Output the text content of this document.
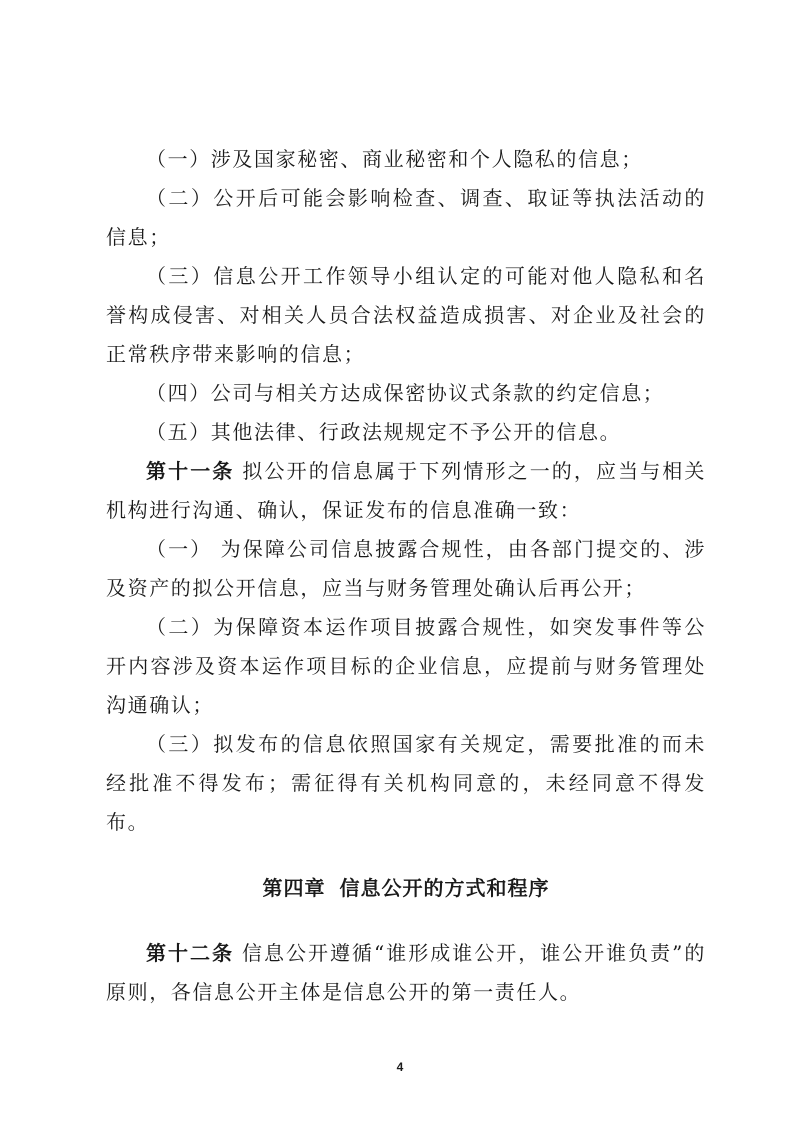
（一）涉及国家秘密、商业秘密和个人隐私的信息；

（二）公开后可能会影响检查、调查、取证等执法活动的信息；

（三）信息公开工作领导小组认定的可能对他人隐私和名誉构成侵害、对相关人员合法权益造成损害、对企业及社会的正常秩序带来影响的信息；

（四）公司与相关方达成保密协议式条款的约定信息；

（五）其他法律、行政法规规定不予公开的信息。

第十一条 拟公开的信息属于下列情形之一的，应当与相关机构进行沟通、确认，保证发布的信息准确一致：

（一） 为保障公司信息披露合规性，由各部门提交的、涉及资产的拟公开信息，应当与财务管理处确认后再公开；

（二）为保障资本运作项目披露合规性，如突发事件等公开内容涉及资本运作项目标的企业信息，应提前与财务管理处沟通确认；

（三）拟发布的信息依照国家有关规定，需要批准的而未经批准不得发布；需征得有关机构同意的，未经同意不得发布。

第四章 信息公开的方式和程序

第十二条 信息公开遵循“谁形成谁公开，谁公开谁负责”的原则，各信息公开主体是信息公开的第一责任人。

4
